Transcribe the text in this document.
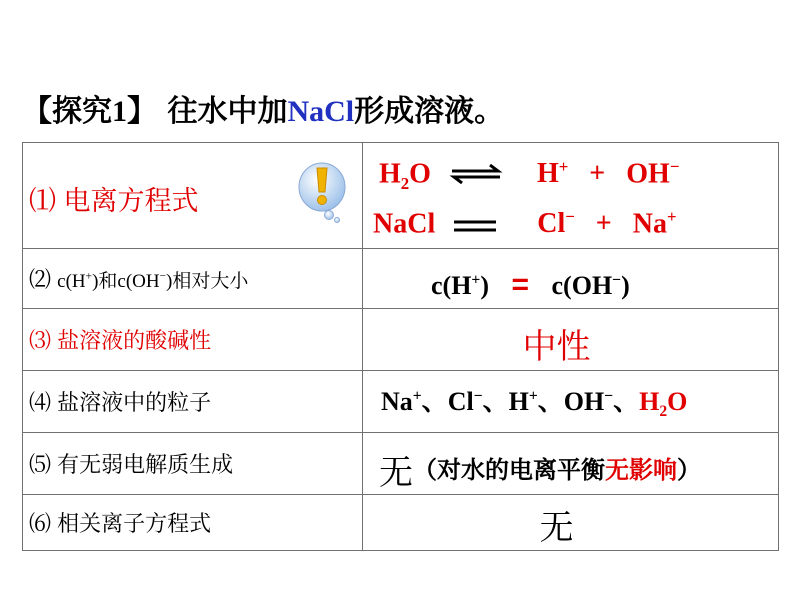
【探究1】 往水中加NaCl形成溶液。
⑴ 电离方程式	$H_2O$ ⇌ H+ + OH−
NaCl Cl− + Na+

⑵ c(H+)和c(OH−)相对大小	c(H+) = c(OH−)

⑶ 盐溶液的酸碱性	中性
⑷ 盐溶液中的粒子	Na+、Cl−、H+、OH−、$H_2O$

⑸ 有无弱电解质生成	无（对水的电离平衡无影响）

⑹ 相关离子方程式	无
